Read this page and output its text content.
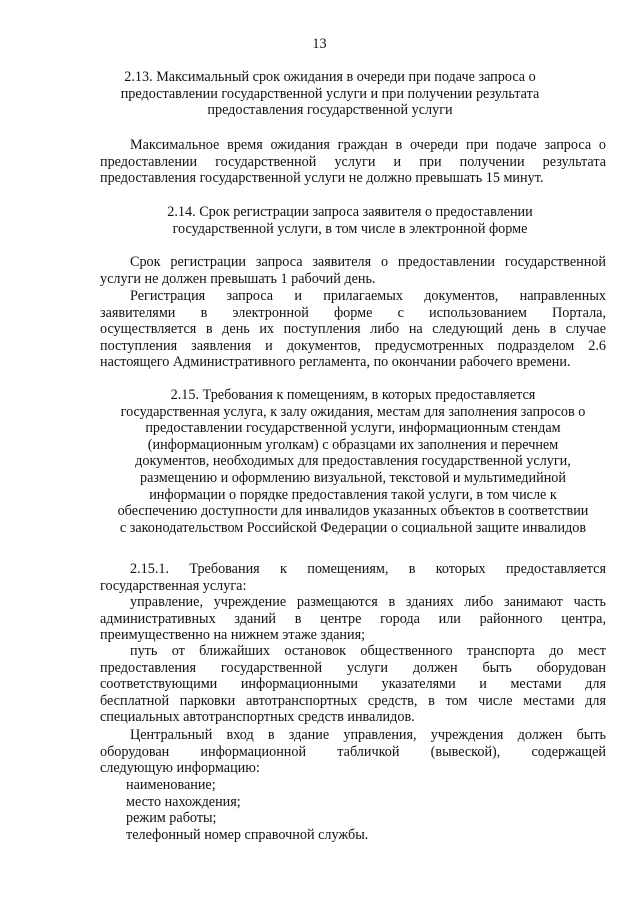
13
2.13. Максимальный срок ожидания в очереди при подаче запроса о
предоставлении государственной услуги и при получении результата
предоставления государственной услуги
Максимальное время ожидания граждан в очереди при подаче запроса о
предоставлении государственной услуги и при получении результата
предоставления государственной услуги не должно превышать 15 минут.
2.14. Срок регистрации запроса заявителя о предоставлении
государственной услуги, в том числе в электронной форме
Срок регистрации запроса заявителя о предоставлении государственной
услуги не должен превышать 1 рабочий день.
Регистрация запроса и прилагаемых документов, направленных
заявителями в электронной форме с использованием Портала,
осуществляется в день их поступления либо на следующий день в случае
поступления заявления и документов, предусмотренных подразделом 2.6
настоящего Административного регламента, по окончании рабочего времени.
2.15. Требования к помещениям, в которых предоставляется
государственная услуга, к залу ожидания, местам для заполнения запросов о
предоставлении государственной услуги, информационным стендам
(информационным уголкам) с образцами их заполнения и перечнем
документов, необходимых для предоставления государственной услуги,
размещению и оформлению визуальной, текстовой и мультимедийной
информации о порядке предоставления такой услуги, в том числе к
обеспечению доступности для инвалидов указанных объектов в соответствии
с законодательством Российской Федерации о социальной защите инвалидов
2.15.1. Требования к помещениям, в которых предоставляется
государственная услуга:
управление, учреждение размещаются в зданиях либо занимают часть
административных зданий в центре города или районного центра,
преимущественно на нижнем этаже здания;
путь от ближайших остановок общественного транспорта до мест
предоставления государственной услуги должен быть оборудован
соответствующими информационными указателями и местами для
бесплатной парковки автотранспортных средств, в том числе местами для
специальных автотранспортных средств инвалидов.
Центральный вход в здание управления, учреждения должен быть
оборудован информационной табличкой (вывеской), содержащей
следующую информацию:
наименование;
место нахождения;
режим работы;
телефонный номер справочной службы.
